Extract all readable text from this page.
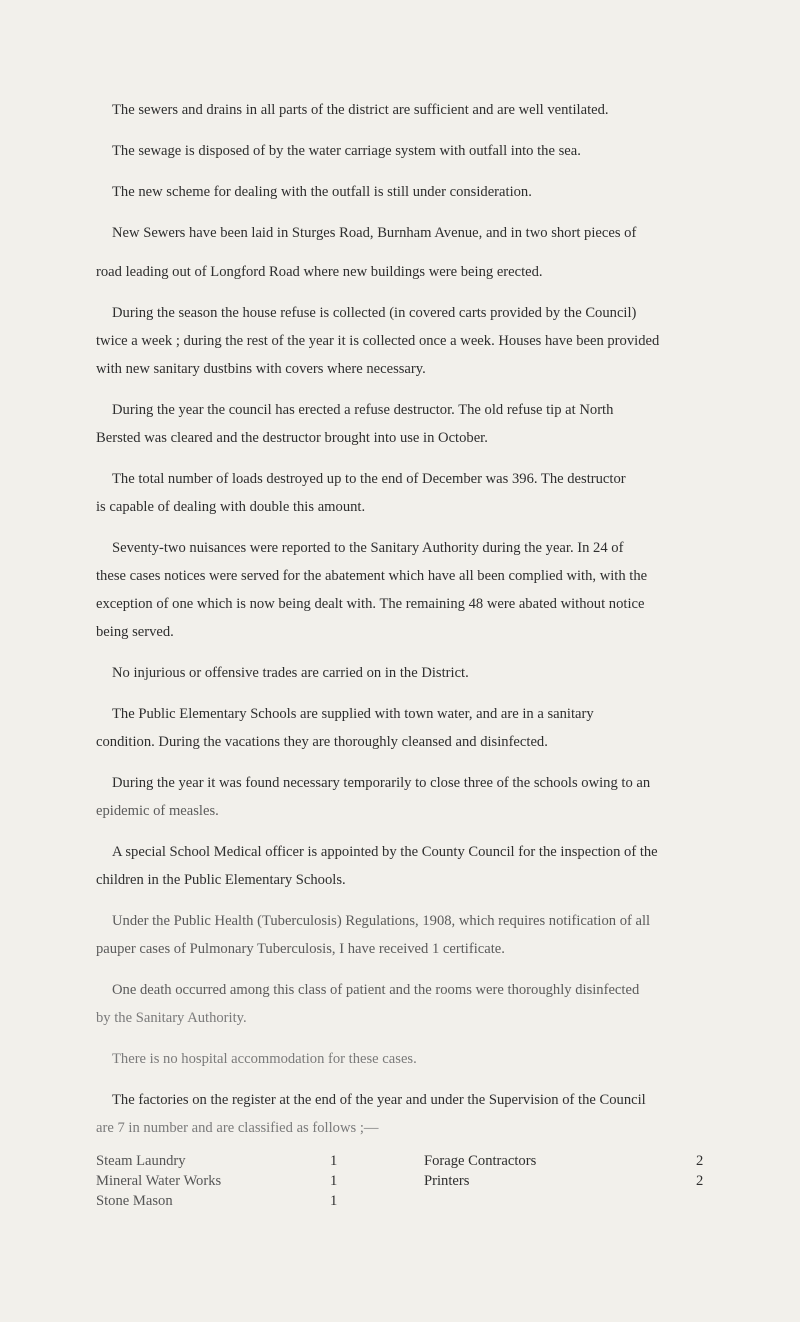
The sewers and drains in all parts of the district are sufficient and are well ventilated.

The sewage is disposed of by the water carriage system with outfall into the sea.

The new scheme for dealing with the outfall is still under consideration.

New Sewers have been laid in Sturges Road, Burnham Avenue, and in two short pieces of

road leading out of Longford Road where new buildings were being erected.

During the season the house refuse is collected (in covered carts provided by the Council)

twice a week ; during the rest of the year it is collected once a week. Houses have been provided

with new sanitary dustbins with covers where necessary.

During the year the council has erected a refuse destructor. The old refuse tip at North

Bersted was cleared and the destructor brought into use in October.

The total number of loads destroyed up to the end of December was 396. The destructor

is capable of dealing with double this amount.

Seventy-two nuisances were reported to the Sanitary Authority during the year. In 24 of

these cases notices were served for the abatement which have all been complied with, with the

exception of one which is now being dealt with. The remaining 48 were abated without notice

being served.

No injurious or offensive trades are carried on in the District.

The Public Elementary Schools are supplied with town water, and are in a sanitary

condition. During the vacations they are thoroughly cleansed and disinfected.

During the year it was found necessary temporarily to close three of the schools owing to an

epidemic of measles.

A special School Medical officer is appointed by the County Council for the inspection of the

children in the Public Elementary Schools.

Under the Public Health (Tuberculosis) Regulations, 1908, which requires notification of all

pauper cases of Pulmonary Tuberculosis, I have received 1 certificate.

One death occurred among this class of patient and the rooms were thoroughly disinfected

by the Sanitary Authority.

There is no hospital accommodation for these cases.

The factories on the register at the end of the year and under the Supervision of the Council

are 7 in number and are classified as follows ;—

Steam Laundry	1
Mineral Water Works	1
Stone Mason	1
Forage Contractors	2
Printers	2
